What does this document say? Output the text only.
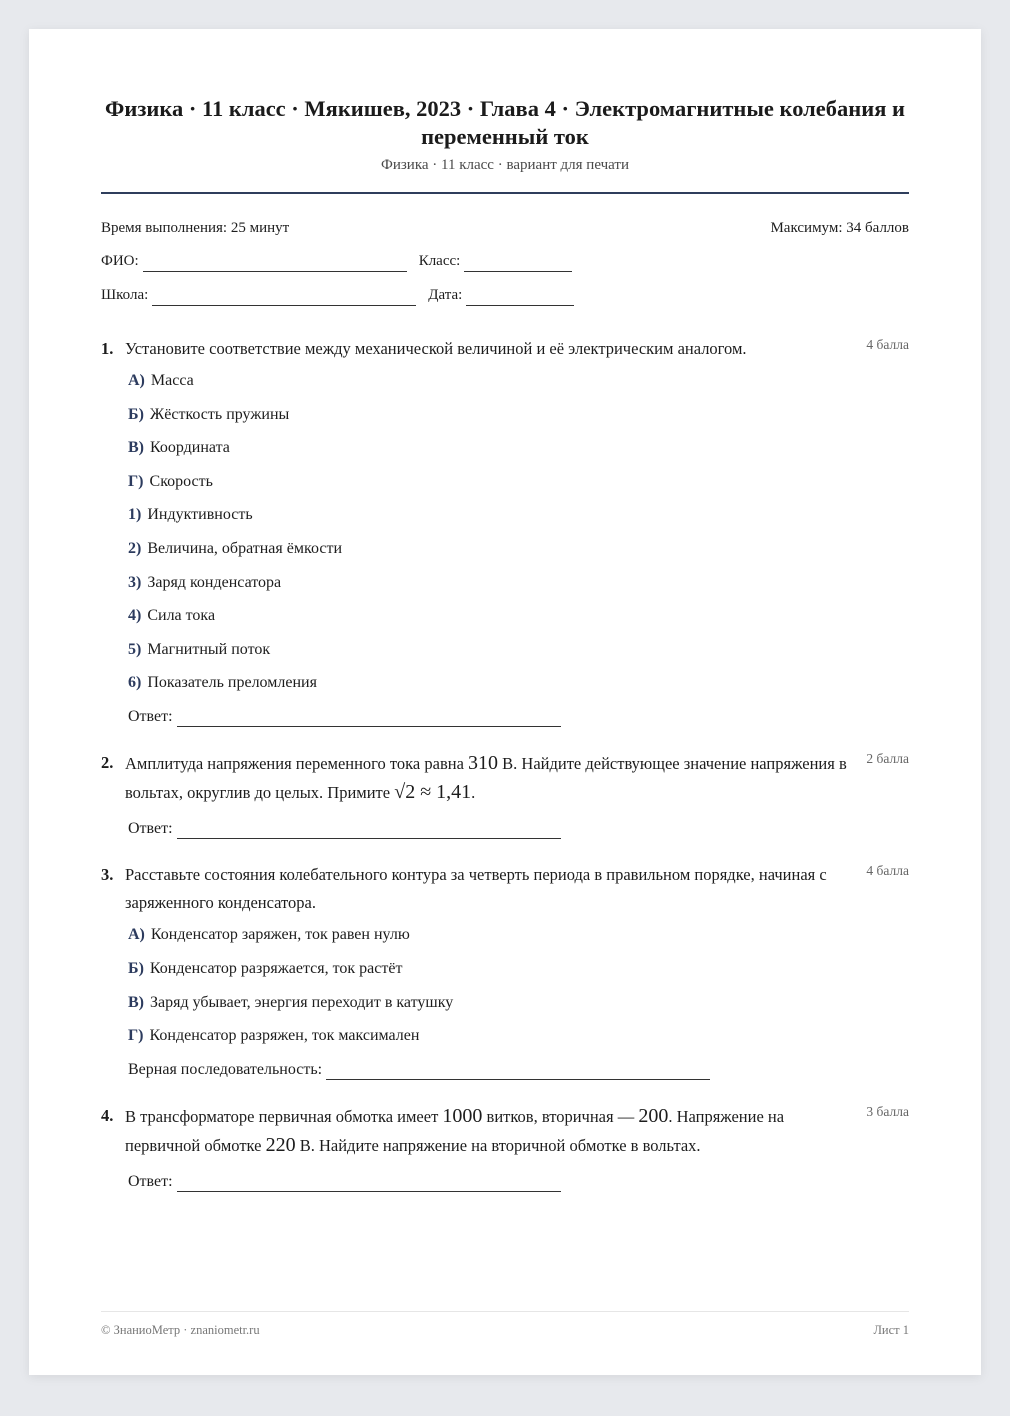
Физика · 11 класс · Мякишев, 2023 · Глава 4 · Электромагнитные колебания и переменный ток
Физика · 11 класс · вариант для печати
Время выполнения: 25 минут	Максимум: 34 баллов
ФИО:	Класс:
Школа:	Дата:
1. Установите соответствие между механической величиной и её электрическим аналогом.	4 балла
А) Масса
Б) Жёсткость пружины
В) Координата
Г) Скорость
1) Индуктивность
2) Величина, обратная ёмкости
3) Заряд конденсатора
4) Сила тока
5) Магнитный поток
6) Показатель преломления
Ответ:
2. Амплитуда напряжения переменного тока равна 310 В. Найдите действующее значение напряжения в вольтах, округлив до целых. Примите √2 ≈ 1,41.
2 балла
Ответ:
3. Расставьте состояния колебательного контура за четверть периода в правильном порядке, начиная с заряженного конденсатора.
4 балла
А) Конденсатор заряжен, ток равен нулю
Б) Конденсатор разряжается, ток растёт
В) Заряд убывает, энергия переходит в катушку
Г) Конденсатор разряжен, ток максимален
Верная последовательность:
4. В трансформаторе первичная обмотка имеет 1000 витков, вторичная — 200. Напряжение на первичной обмотке 220 В. Найдите напряжение на вторичной обмотке в вольтах.
3 балла
Ответ:
© ЗнаниоМетр · znaniometr.ru	Лист 1
